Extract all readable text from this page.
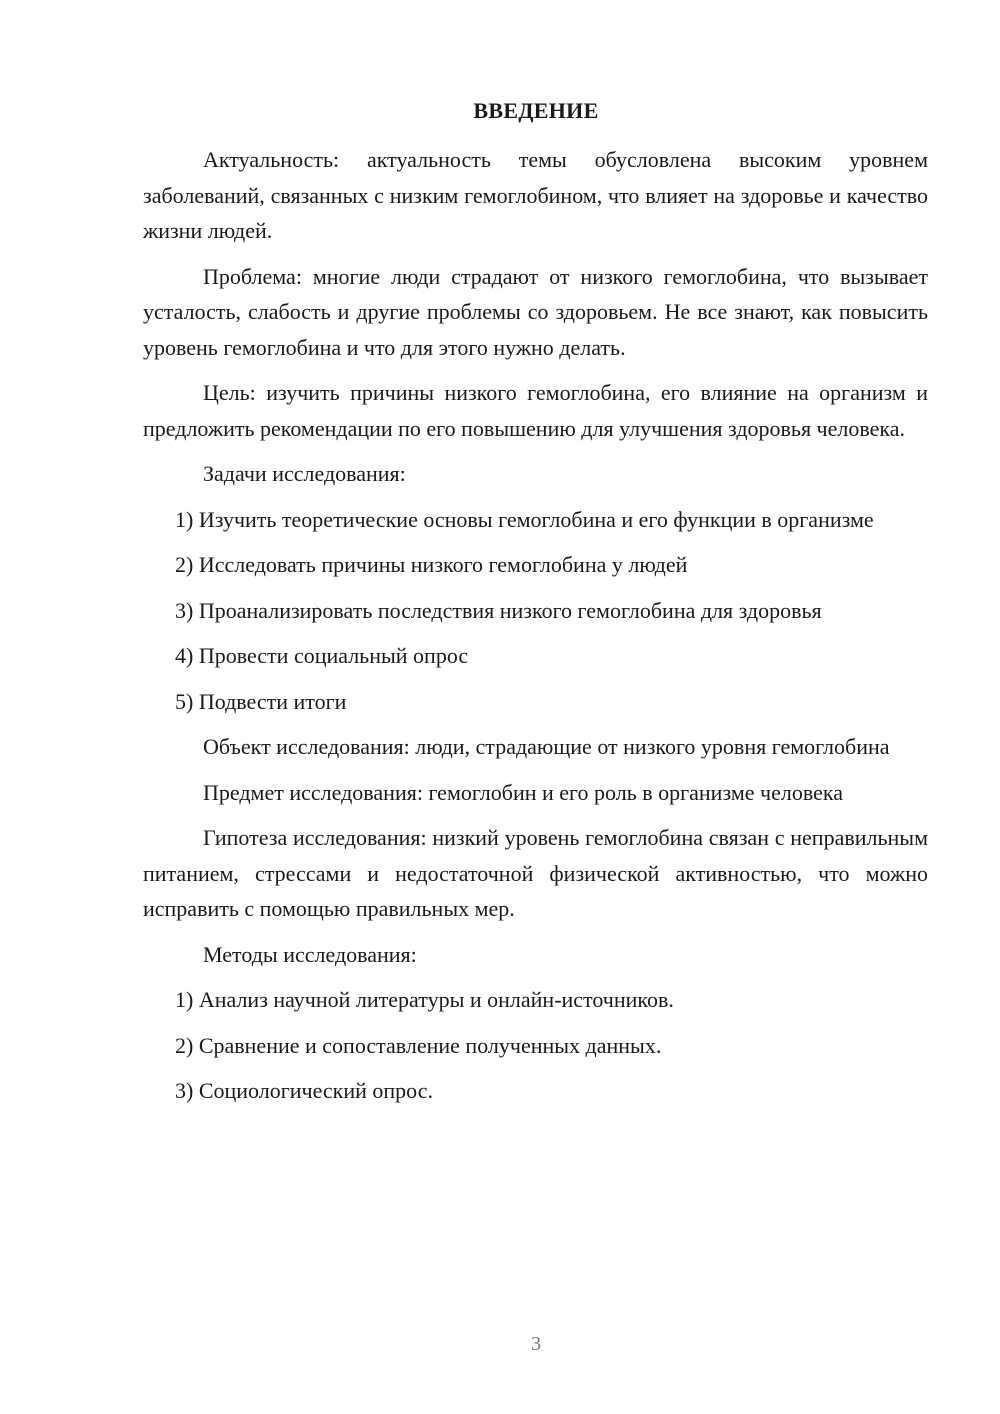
ВВЕДЕНИЕ

Актуальность: актуальность темы обусловлена высоким уровнем заболеваний, связанных с низким гемоглобином, что влияет на здоровье и качество жизни людей.

Проблема: многие люди страдают от низкого гемоглобина, что вызывает усталость, слабость и другие проблемы со здоровьем. Не все знают, как повысить уровень гемоглобина и что для этого нужно делать.

Цель: изучить причины низкого гемоглобина, его влияние на организм и предложить рекомендации по его повышению для улучшения здоровья человека.

Задачи исследования:

1) Изучить теоретические основы гемоглобина и его функции в организме

2) Исследовать причины низкого гемоглобина у людей

3) Проанализировать последствия низкого гемоглобина для здоровья

4) Провести социальный опрос

5) Подвести итоги

Объект исследования: люди, страдающие от низкого уровня гемоглобина

Предмет исследования: гемоглобин и его роль в организме человека

Гипотеза исследования: низкий уровень гемоглобина связан с неправильным питанием, стрессами и недостаточной физической активностью, что можно исправить с помощью правильных мер.

Методы исследования:

1) Анализ научной литературы и онлайн-источников.

2) Сравнение и сопоставление полученных данных.

3) Социологический опрос.

3
